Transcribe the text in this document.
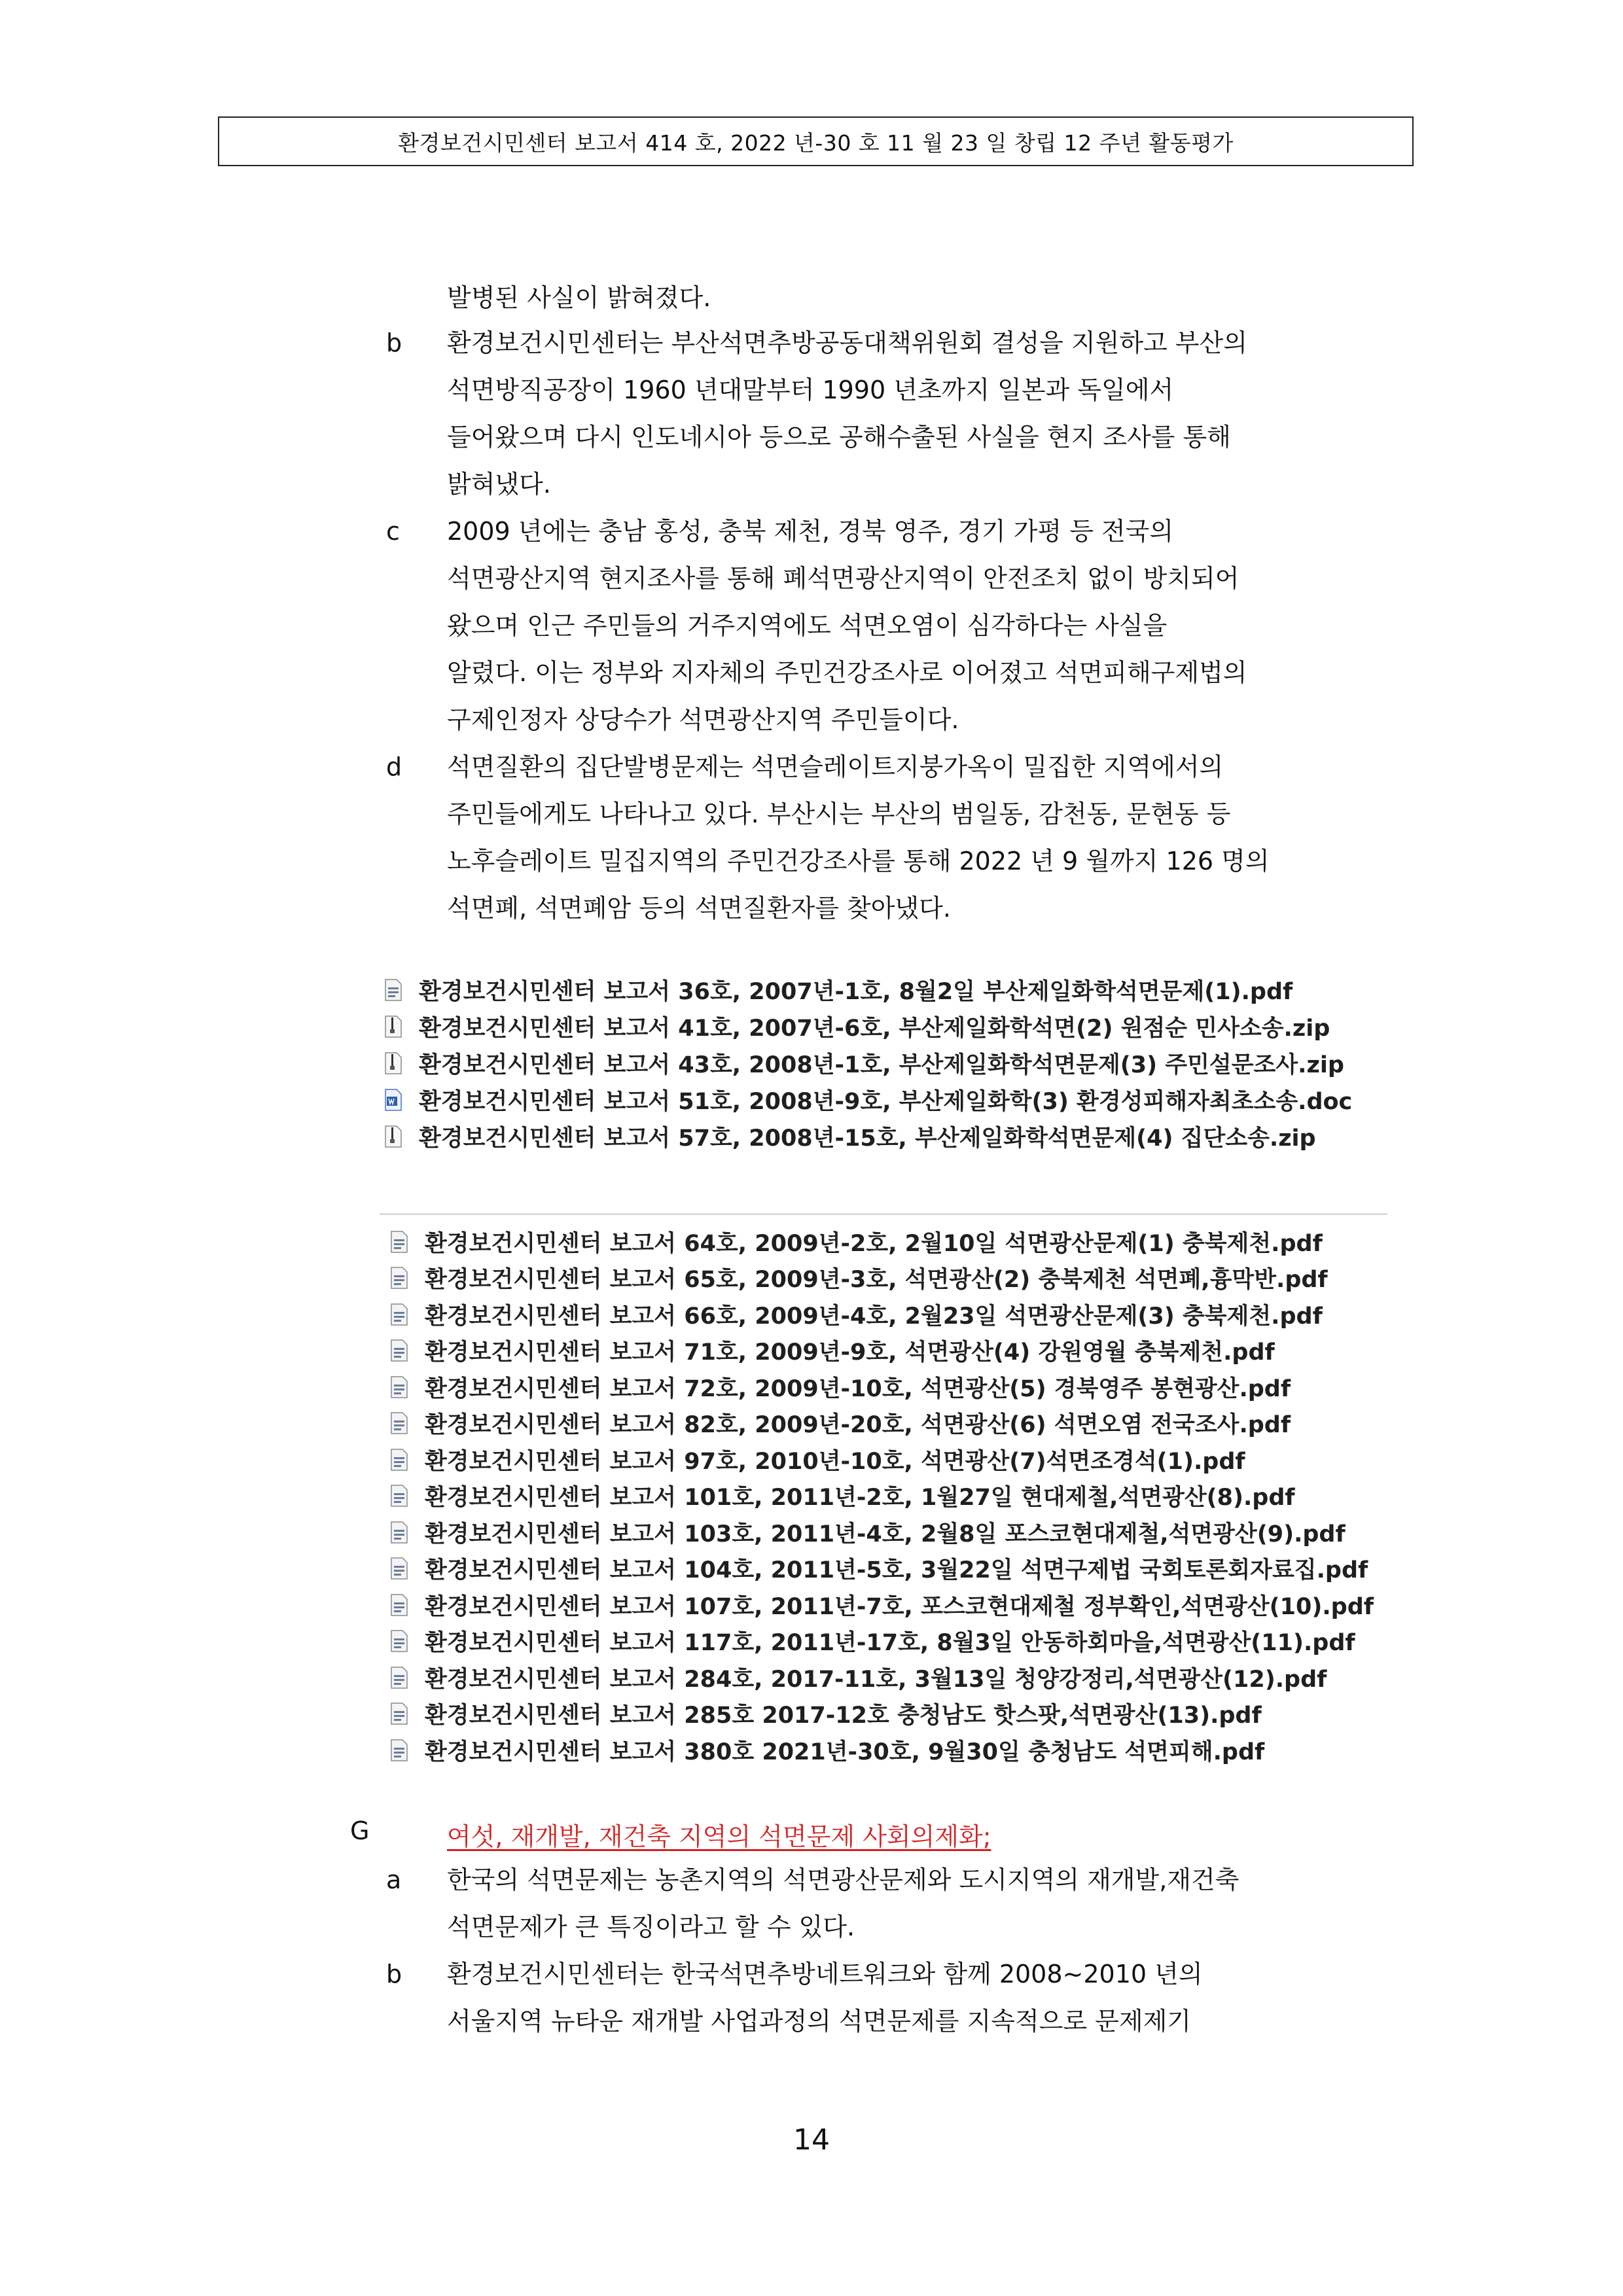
환경보건시민센터 보고서 414 호, 2022 년-30 호 11 월 23 일 창립 12 주년 활동평가
발병된 사실이 밝혀졌다.
b	환경보건시민센터는 부산석면추방공동대책위원회 결성을 지원하고 부산의
석면방직공장이 1960 년대말부터 1990 년초까지 일본과 독일에서
들어왔으며 다시 인도네시아 등으로 공해수출된 사실을 현지 조사를 통해
밝혀냈다.
c	2009 년에는 충남 홍성, 충북 제천, 경북 영주, 경기 가평 등 전국의
석면광산지역 현지조사를 통해 폐석면광산지역이 안전조치 없이 방치되어
왔으며 인근 주민들의 거주지역에도 석면오염이 심각하다는 사실을
알렸다. 이는 정부와 지자체의 주민건강조사로 이어졌고 석면피해구제법의
구제인정자 상당수가 석면광산지역 주민들이다.
d	석면질환의 집단발병문제는 석면슬레이트지붕가옥이 밀집한 지역에서의
주민들에게도 나타나고 있다. 부산시는 부산의 범일동, 감천동, 문현동 등
노후슬레이트 밀집지역의 주민건강조사를 통해 2022 년 9 월까지 126 명의
석면폐, 석면폐암 등의 석면질환자를 찾아냈다.
환경보건시민센터 보고서 36호, 2007년-1호, 8월2일 부산제일화학석면문제(1).pdf
환경보건시민센터 보고서 41호, 2007년-6호, 부산제일화학석면(2) 원점순 민사소송.zip
환경보건시민센터 보고서 43호, 2008년-1호, 부산제일화학석면문제(3) 주민설문조사.zip
환경보건시민센터 보고서 51호, 2008년-9호, 부산제일화학(3) 환경성피해자최초소송.doc
환경보건시민센터 보고서 57호, 2008년-15호, 부산제일화학석면문제(4) 집단소송.zip
환경보건시민센터 보고서 64호, 2009년-2호, 2월10일 석면광산문제(1) 충북제천.pdf
환경보건시민센터 보고서 65호, 2009년-3호, 석면광산(2) 충북제천 석면폐,흉막반.pdf
환경보건시민센터 보고서 66호, 2009년-4호, 2월23일 석면광산문제(3) 충북제천.pdf
환경보건시민센터 보고서 71호, 2009년-9호, 석면광산(4) 강원영월 충북제천.pdf
환경보건시민센터 보고서 72호, 2009년-10호, 석면광산(5) 경북영주 봉현광산.pdf
환경보건시민센터 보고서 82호, 2009년-20호, 석면광산(6) 석면오염 전국조사.pdf
환경보건시민센터 보고서 97호, 2010년-10호, 석면광산(7)석면조경석(1).pdf
환경보건시민센터 보고서 101호, 2011년-2호, 1월27일 현대제철,석면광산(8).pdf
환경보건시민센터 보고서 103호, 2011년-4호, 2월8일 포스코현대제철,석면광산(9).pdf
환경보건시민센터 보고서 104호, 2011년-5호, 3월22일 석면구제법 국회토론회자료집.pdf
환경보건시민센터 보고서 107호, 2011년-7호, 포스코현대제철 정부확인,석면광산(10).pdf
환경보건시민센터 보고서 117호, 2011년-17호, 8월3일 안동하회마을,석면광산(11).pdf
환경보건시민센터 보고서 284호, 2017-11호, 3월13일 청양강정리,석면광산(12).pdf
환경보건시민센터 보고서 285호 2017-12호 충청남도 핫스팟,석면광산(13).pdf
환경보건시민센터 보고서 380호 2021년-30호, 9월30일 충청남도 석면피해.pdf
G	여섯, 재개발, 재건축 지역의 석면문제 사회의제화;
a	한국의 석면문제는 농촌지역의 석면광산문제와 도시지역의 재개발,재건축
석면문제가 큰 특징이라고 할 수 있다.
b	환경보건시민센터는 한국석면추방네트워크와 함께 2008~2010 년의
서울지역 뉴타운 재개발 사업과정의 석면문제를 지속적으로 문제제기
14
